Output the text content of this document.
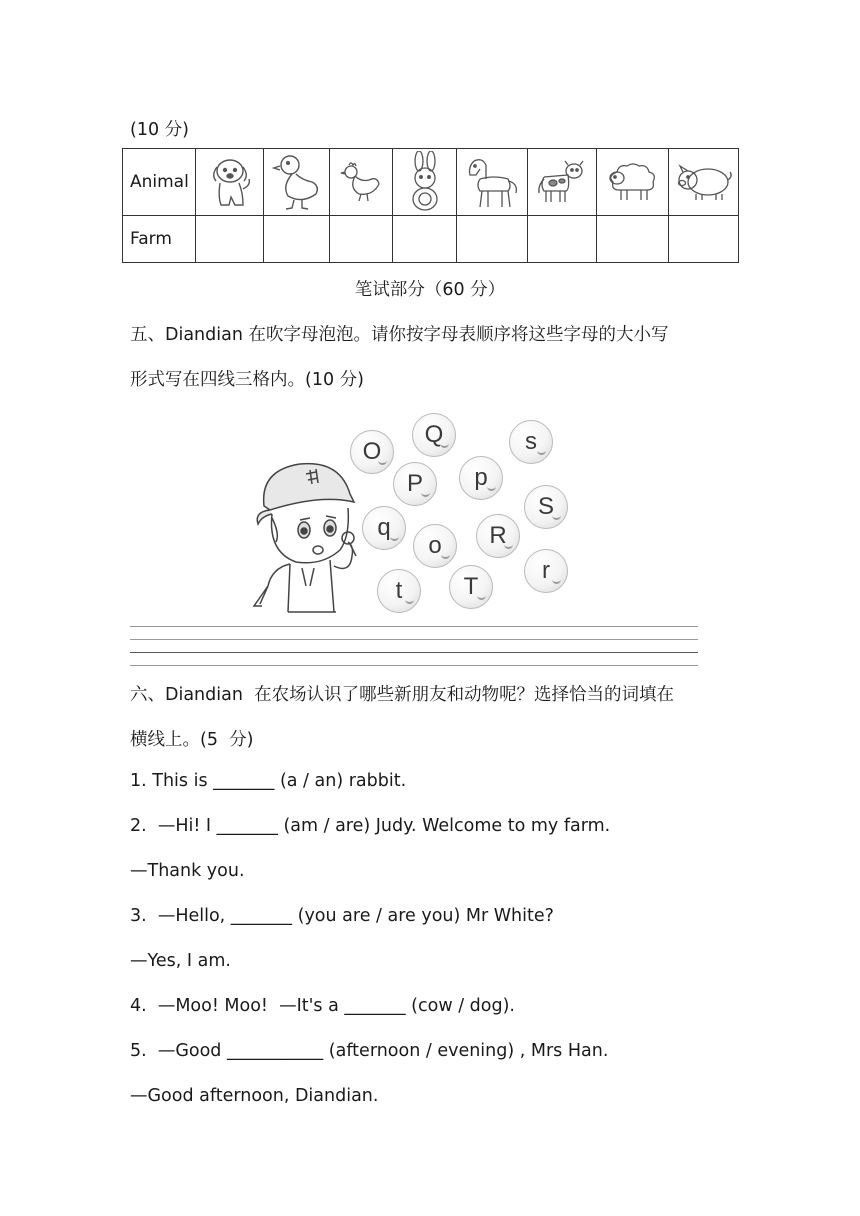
(10 分)
Animal	

Farm								
笔试部分（60 分）
五、Diandian 在吹字母泡泡。请你按字母表顺序将这些字母的大小写
形式写在四线三格内。(10 分)
O
Q	s
P	p
S
q
o	R
r
t	T
六、Diandian  在农场认识了哪些新朋友和动物呢？选择恰当的词填在
横线上。(5  分)
1. This is _______ (a / an) rabbit.
2.  —Hi! I _______ (am / are) Judy. Welcome to my farm.
—Thank you.
3.  —Hello, _______ (you are / are you) Mr White?
—Yes, I am.
4.  —Moo! Moo!  —It's a _______ (cow / dog).
5.  —Good ___________ (afternoon / evening) , Mrs Han.
—Good afternoon, Diandian.
